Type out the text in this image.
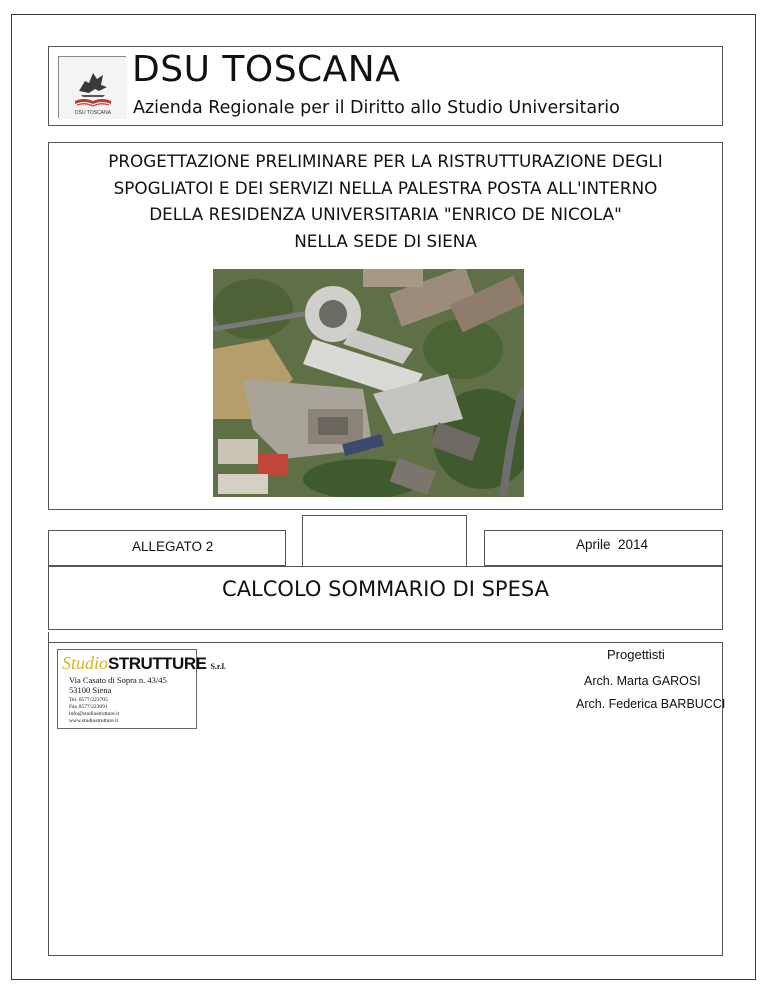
DSU TOSCANA
DSU TOSCANA
Azienda Regionale per il Diritto allo Studio Universitario
PROGETTAZIONE PRELIMINARE PER LA RISTRUTTURAZIONE DEGLI
SPOGLIATOI E DEI SERVIZI NELLA PALESTRA POSTA ALL'INTERNO
DELLA RESIDENZA UNIVERSITARIA "ENRICO DE NICOLA"
NELLA SEDE DI SIENA
ALLEGATO 2	Aprile  2014
CALCOLO SOMMARIO DI SPESA
StudioSTRUTTURE S.r.l.
Via Casato di Sopra n. 43/45
53100 Siena
Tel. 0577/223705
Fax 0577/223091
info@studiostrutture.it
www.studiostrutture.it
Progettisti
Arch. Marta GAROSI
Arch. Federica BARBUCCI
